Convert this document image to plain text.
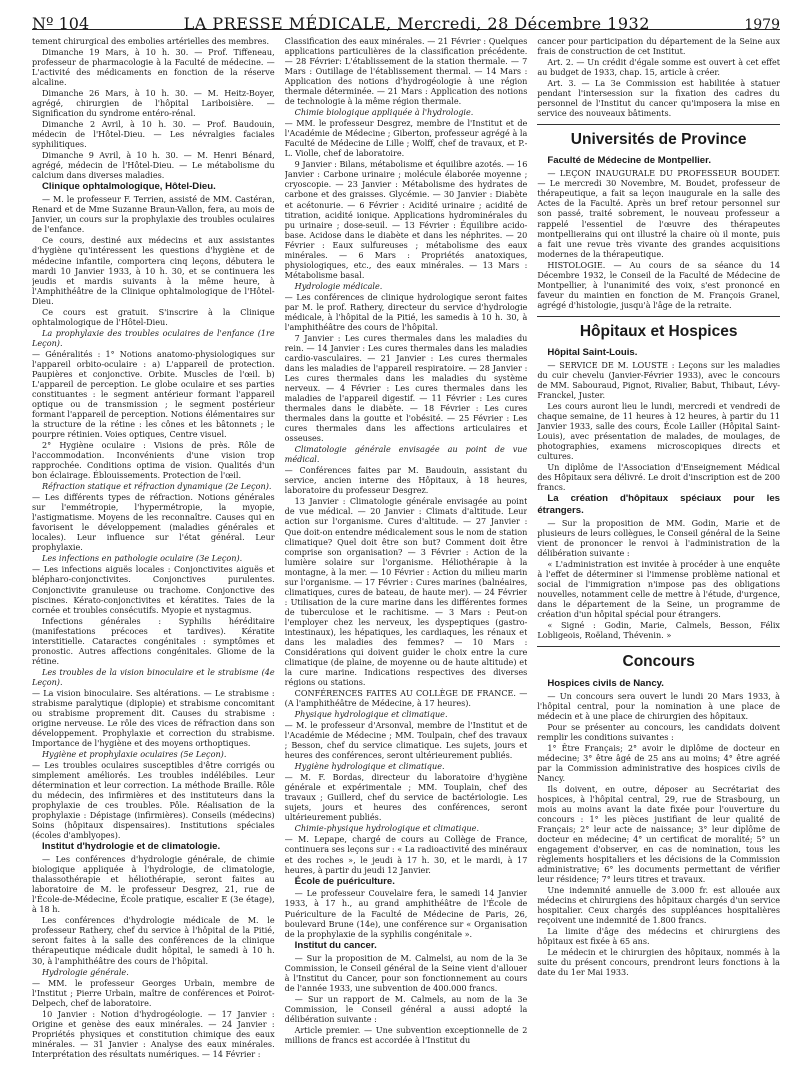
Nº 104	LA PRESSE MÉDICALE, Mercredi, 28 Décembre 1932	1979

tement chirurgical des embolies artérielles des membres.

Dimanche 19 Mars, à 10 h. 30. — Prof. Tiffeneau, professeur de pharmacologie à la Faculté de médecine. — L'activité des médicaments en fonction de la réserve alcaline.

Dimanche 26 Mars, à 10 h. 30. — M. Heitz-Boyer, agrégé, chirurgien de l'hôpital Lariboisière. — Signification du syndrome entéro-rénal.

Dimanche 2 Avril, à 10 h. 30. — Prof. Baudouin, médecin de l'Hôtel-Dieu. — Les névralgies faciales syphilitiques.

Dimanche 9 Avril, à 10 h. 30. — M. Henri Bénard, agrégé, médecin de l'Hôtel-Dieu. — Le métabolisme du calcium dans diverses maladies.

Clinique ophtalmologique, Hôtel-Dieu.

— M. le professeur F. Terrien, assisté de MM. Castéran, Renard et de Mme Suzanne Braun-Vallon, fera, au mois de Janvier, un cours sur la prophylaxie des troubles oculaires de l'enfance.

Ce cours, destiné aux médecins et aux assistantes d'hygiène qu'intéressent les questions d'hygiène et de médecine infantile, comportera cinq leçons, débutera le mardi 10 Janvier 1933, à 10 h. 30, et se continuera les jeudis et mardis suivants à la même heure, à l'Amphithéâtre de la Clinique ophtalmologique de l'Hôtel-Dieu.

Ce cours est gratuit. S'inscrire à la Clinique ophtalmologique de l'Hôtel-Dieu.

La prophylaxie des troubles oculaires de l'enfance (1re Leçon).

— Généralités : 1° Notions anatomo-physiologiques sur l'appareil orbito-oculaire : a) L'appareil de protection. Paupières et conjonctive. Orbite. Muscles de l'œil. b) L'appareil de perception. Le globe oculaire et ses parties constituantes : le segment antérieur formant l'appareil optique ou de transmission ; le segment postérieur formant l'appareil de perception. Notions élémentaires sur la structure de la rétine : les cônes et les bâtonnets ; le pourpre rétinien. Voies optiques, Centre visuel.

2° Hygiène oculaire : Visions de près. Rôle de l'accommodation. Inconvénients d'une vision trop rapprochée. Conditions optima de vision. Qualités d'un bon éclairage. Éblouissements. Protection de l'œil.

Réfraction statique et réfraction dynamique (2e Leçon).

— Les différents types de réfraction. Notions générales sur l'emmétropie, l'hypermétropie, la myopie, l'astigmatisme. Moyens de les reconnaître. Causes qui en favorisent le développement (maladies générales et locales). Leur influence sur l'état général. Leur prophylaxie.

Les infections en pathologie oculaire (3e Leçon).

— Les infections aiguës locales : Conjonctivites aiguës et blépharo-conjonctivites. Conjonctives purulentes. Conjonctivite granuleuse ou trachome. Conjonctive des piscines. Kérato-conjonctivites et kératites. Taies de la cornée et troubles consécutifs. Myopie et nystagmus.

Infections générales : Syphilis héréditaire (manifestations précoces et tardives). Kératite interstitielle. Cataractes congénitales : symptômes et pronostic. Autres affections congénitales. Gliome de la rétine.

Les troubles de la vision binoculaire et le strabisme (4e Leçon).

— La vision binoculaire. Ses altérations. — Le strabisme : strabisme paralytique (diplopie) et strabisme concomitant ou strabisme proprement dit. Causes du strabisme : origine nerveuse. Le rôle des vices de réfraction dans son développement. Prophylaxie et correction du strabisme. Importance de l'hygiène et des moyens orthoptiques.

Hygiène et prophylaxie oculaires (5e Leçon).

— Les troubles oculaires susceptibles d'être corrigés ou simplement améliorés. Les troubles indélébiles. Leur détermination et leur correction. La méthode Braille. Rôle du médecin, des infirmières et des instituteurs dans la prophylaxie de ces troubles. Pôle. Réalisation de la prophylaxie : Dépistage (infirmières). Conseils (médecins) Soins (hôpitaux dispensaires). Institutions spéciales (écoles d'amblyopes).

Institut d'hydrologie et de climatologie.

— Les conférences d'hydrologie générale, de chimie biologique appliquée à l'hydrologie, de climatologie, thalassothérapie et héliothérapie, seront faites au laboratoire de M. le professeur Desgrez, 21, rue de l'École-de-Médecine, École pratique, escalier E (3e étage), à 18 h.

Les conférences d'hydrologie médicale de M. le professeur Rathery, chef du service à l'hôpital de la Pitié, seront faites à la salle des conférences de la clinique thérapeutique médicale dudit hôpital, le samedi à 10 h. 30, à l'amphithéâtre des cours de l'hôpital.

Hydrologie générale.

— MM. le professeur Georges Urbain, membre de l'Institut ; Pierre Urbain, maître de conférences et Poirot-Delpech, chef de laboratoire.

10 Janvier : Notion d'hydrogéologie. — 17 Janvier : Origine et genèse des eaux minérales. — 24 Janvier : Propriétés physiques et constitution chimique des eaux minérales. — 31 Janvier : Analyse des eaux minérales. Interprétation des résultats numériques. — 14 Février :

Classification des eaux minérales. — 21 Février : Quelques applications particulières de la classification précédente. — 28 Février: L'établissement de la station thermale. — 7 Mars : Outillage de l'établissement thermal. — 14 Mars : Application des notions d'hydrogéologie à une région thermale déterminée. — 21 Mars : Application des notions de technologie à la même région thermale.

Chimie biologique appliquée à l'hydrologie.

— MM. le professeur Desgrez, membre de l'Institut et de l'Académie de Médecine ; Giberton, professeur agrégé à la Faculté de Médecine de Lille ; Wolff, chef de travaux, et P.-L. Violle, chef de laboratoire.

9 Janvier : Bilans, métabolisme et équilibre azotés. — 16 Janvier : Carbone urinaire ; molécule élaborée moyenne ; cryoscopie. — 23 Janvier : Métabolisme des hydrates de carbone et des graisses. Glycémie. — 30 Janvier : Diabète et acétonurie. — 6 Février : Acidité urinaire ; acidité de titration, acidité ionique. Applications hydrominérales du pu urinaire ; dose-seuil. — 13 Février : Équilibre acido-base. Acidose dans le diabète et dans les néphrites. — 20 Février : Eaux sulfureuses ; métabolisme des eaux minérales. — 6 Mars : Propriétés anatoxiques, physiologiques, etc., des eaux minérales. — 13 Mars : Métabolisme basal.

Hydrologie médicale.

— Les conférences de clinique hydrologique seront faites par M. le prof. Rathery, directeur du service d'hydrologie médicale, à l'hôpital de la Pitié, les samedis à 10 h. 30, à l'amphithéâtre des cours de l'hôpital.

7 Janvier : Les cures thermales dans les maladies du rein. — 14 Janvier : Les cures thermales dans les maladies cardio-vasculaires. — 21 Janvier : Les cures thermales dans les maladies de l'appareil respiratoire. — 28 Janvier : Les cures thermales dans les maladies du système nerveux. — 4 Février : Les cures thermales dans les maladies de l'appareil digestif. — 11 Février : Les cures thermales dans le diabète. — 18 Février : Les cures thermales dans la goutte et l'obésité. — 25 Février : Les cures thermales dans les affections articulaires et osseuses.

Climatologie générale envisagée au point de vue médical.

— Conférences faites par M. Baudouin, assistant du service, ancien interne des Hôpitaux, à 18 heures, laboratoire du professeur Desgrez.

13 Janvier : Climatologie générale envisagée au point de vue médical. — 20 Janvier : Climats d'altitude. Leur action sur l'organisme. Cures d'altitude. — 27 Janvier : Que doit-on entendre médicalement sous le nom de station climatique? Quel doit être son but? Comment doit être comprise son organisation? — 3 Février : Action de la lumière solaire sur l'organisme. Héliothérapie à la montagne, à la mer. — 10 Février : Action du milieu marin sur l'organisme. — 17 Février : Cures marines (balnéaires, climatiques, cures de bateau, de haute mer). — 24 Février : Utilisation de la cure marine dans les différentes formes de tuberculose et le rachitisme. — 3 Mars : Peut-on l'employer chez les nerveux, les dyspeptiques (gastro-intestinaux), les hépatiques, les cardiaques, les rénaux et dans les maladies des femmes? — 10 Mars : Considérations qui doivent guider le choix entre la cure climatique (de plaine, de moyenne ou de haute altitude) et la cure marine. Indications respectives des diverses régions ou stations.

CONFÉRENCES FAITES AU COLLÈGE DE FRANCE. — (A l'amphithéâtre de Médecine, à 17 heures).

Physique hydrologique et climatique.

— M. le professeur d'Arsonval, membre de l'Institut et de l'Académie de Médecine ; MM. Toulpain, chef des travaux ; Besson, chef du service climatique. Les sujets, jours et heures des conférences, seront ultérieurement publiés.

Hygiène hydrologique et climatique.

— M. F. Bordas, directeur du laboratoire d'hygiène générale et expérimentale ; MM. Touplain, chef des travaux ; Guillerd, chef du service de bactériologie. Les sujets, jours et heures des conférences, seront ultérieurement publiés.

Chimie-physique hydrologique et climatique.

— M. Lepape, chargé de cours au Collège de France, continuera ses leçons sur : « La radioactivité des minéraux et des roches », le jeudi à 17 h. 30, et le mardi, à 17 heures, à partir du jeudi 12 Janvier.

École de puériculture.

— Le professeur Couvelaire fera, le samedi 14 Janvier 1933, à 17 h., au grand amphithéâtre de l'École de Puériculture de la Faculté de Médecine de Paris, 26, boulevard Brune (14e), une conférence sur « Organisation de la prophylaxie de la syphilis congénitale ».

Institut du cancer.

— Sur la proposition de M. Calmelsi, au nom de la 3e Commission, le Conseil général de la Seine vient d'allouer à l'Institut du Cancer, pour son fonctionnement au cours de l'année 1933, une subvention de 400.000 francs.

— Sur un rapport de M. Calmels, au nom de la 3e Commission, le Conseil général a aussi adopté la délibération suivante :

Article premier. — Une subvention exceptionnelle de 2 millions de francs est accordée à l'Institut du

cancer pour participation du département de la Seine aux frais de construction de cet Institut.

Art. 2. — Un crédit d'égale somme est ouvert à cet effet au budget de 1933, chap. 15, article à créer.

Art. 3. — La 3e Commission est habilitée à statuer pendant l'intersession sur la fixation des cadres du personnel de l'Institut du cancer qu'imposera la mise en service des nouveaux bâtiments.

Universités de Province

Faculté de Médecine de Montpellier.

— LEÇON INAUGURALE DU PROFESSEUR BOUDET. — Le mercredi 30 Novembre, M. Boudet, professeur de thérapeutique, a fait sa leçon inaugurale en la salle des Actes de la Faculté. Après un bref retour personnel sur son passé, traité sobrement, le nouveau professeur a rappelé l'essentiel de l'œuvre des thérapeutes montpellierains qui ont illustré la chaire où il monte, puis a fait une revue très vivante des grandes acquisitions modernes de la thérapeutique.

HISTOLOGIE. — Au cours de sa séance du 14 Décembre 1932, le Conseil de la Faculté de Médecine de Montpellier, à l'unanimité des voix, s'est prononcé en faveur du maintien en fonction de M. François Granel, agrégé d'histologie, jusqu'à l'âge de la retraite.

Hôpitaux et Hospices

Hôpital Saint-Louis.

— SERVICE DE M. LOUSTE : Leçons sur les maladies du cuir chevelu (Janvier-Février 1933), avec le concours de MM. Sabouraud, Pignot, Rivalier, Babut, Thibaut, Lévy-Franckel, Juster.

Les cours auront lieu le lundi, mercredi et vendredi de chaque semaine, de 11 heures à 12 heures, à partir du 11 Janvier 1933, salle des cours, École Lailler (Hôpital Saint-Louis), avec présentation de malades, de moulages, de photographies, examens microscopiques directs et cultures.

Un diplôme de l'Association d'Enseignement Médical des Hôpitaux sera délivré. Le droit d'inscription est de 200 francs.

La création d'hôpitaux spéciaux pour les étrangers.

— Sur la proposition de MM. Godin, Marie et de plusieurs de leurs collègues, le Conseil général de la Seine vient de prononcer le renvoi à l'administration de la délibération suivante :

« L'administration est invitée à procéder à une enquête à l'effet de déterminer si l'immense problème national et social de l'immigration n'impose pas des obligations nouvelles, notamment celle de mettre à l'étude, d'urgence, dans le département de la Seine, un programme de création d'un hôpital spécial pour étrangers.

« Signé : Godin, Marie, Calmels, Besson, Félix Lobligeois, Roëland, Thévenin. »

Concours

Hospices civils de Nancy.

— Un concours sera ouvert le lundi 20 Mars 1933, à l'hôpital central, pour la nomination à une place de médecin et à une place de chirurgien des hôpitaux.

Pour se présenter au concours, les candidats doivent remplir les conditions suivantes :

1° Être Français; 2° avoir le diplôme de docteur en médecine; 3° être âgé de 25 ans au moins; 4° être agréé par la Commission administrative des hospices civils de Nancy.

Ils doivent, en outre, déposer au Secrétariat des hospices, à l'hôpital central, 29, rue de Strasbourg, un mois au moins avant la date fixée pour l'ouverture du concours : 1° les pièces justifiant de leur qualité de Français; 2° leur acte de naissance; 3° leur diplôme de docteur en médecine; 4° un certificat de moralité; 5° un engagement d'observer, en cas de nomination, tous les règlements hospitaliers et les décisions de la Commission administrative; 6° les documents permettant de vérifier leur résidence; 7° leurs titres et travaux.

Une indemnité annuelle de 3.000 fr. est allouée aux médecins et chirurgiens des hôpitaux chargés d'un service hospitalier. Ceux chargés des suppléances hospitalières reçoivent une indemnité de 1.800 francs.

La limite d'âge des médecins et chirurgiens des hôpitaux est fixée à 65 ans.

Le médecin et le chirurgien des hôpitaux, nommés à la suite du présent concours, prendront leurs fonctions à la date du 1er Mai 1933.
